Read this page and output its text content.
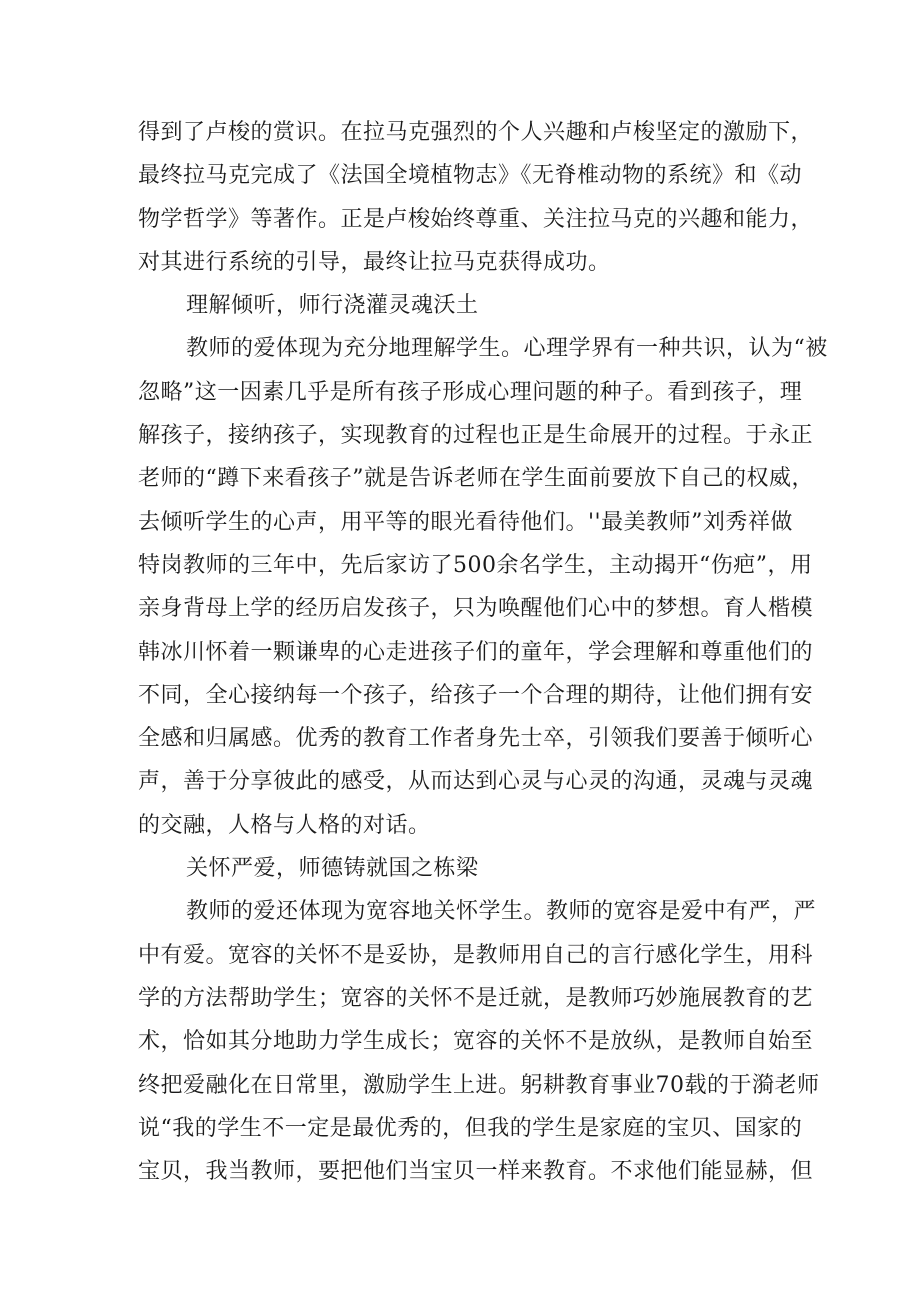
得到了卢梭的赏识。在拉马克强烈的个人兴趣和卢梭坚定的激励下，
最终拉马克完成了《法国全境植物志》《无脊椎动物的系统》和《动
物学哲学》等著作。正是卢梭始终尊重、关注拉马克的兴趣和能力，
对其进行系统的引导，最终让拉马克获得成功。
理解倾听，师行浇灌灵魂沃土
教师的爱体现为充分地理解学生。心理学界有一种共识，认为“被
忽略”这一因素几乎是所有孩子形成心理问题的种子。看到孩子，理
解孩子，接纳孩子，实现教育的过程也正是生命展开的过程。于永正
老师的“蹲下来看孩子”就是告诉老师在学生面前要放下自己的权威，
去倾听学生的心声，用平等的眼光看待他们。''最美教师”刘秀祥做
特岗教师的三年中，先后家访了500余名学生，主动揭开“伤疤”，用
亲身背母上学的经历启发孩子，只为唤醒他们心中的梦想。育人楷模
韩冰川怀着一颗谦卑的心走进孩子们的童年，学会理解和尊重他们的
不同，全心接纳每一个孩子，给孩子一个合理的期待，让他们拥有安
全感和归属感。优秀的教育工作者身先士卒，引领我们要善于倾听心
声，善于分享彼此的感受，从而达到心灵与心灵的沟通，灵魂与灵魂
的交融，人格与人格的对话。
关怀严爱，师德铸就国之栋梁
教师的爱还体现为宽容地关怀学生。教师的宽容是爱中有严，严
中有爱。宽容的关怀不是妥协，是教师用自己的言行感化学生，用科
学的方法帮助学生；宽容的关怀不是迁就，是教师巧妙施展教育的艺
术，恰如其分地助力学生成长；宽容的关怀不是放纵，是教师自始至
终把爱融化在日常里，激励学生上进。躬耕教育事业70载的于漪老师
说“我的学生不一定是最优秀的，但我的学生是家庭的宝贝、国家的
宝贝，我当教师，要把他们当宝贝一样来教育。不求他们能显赫，但
